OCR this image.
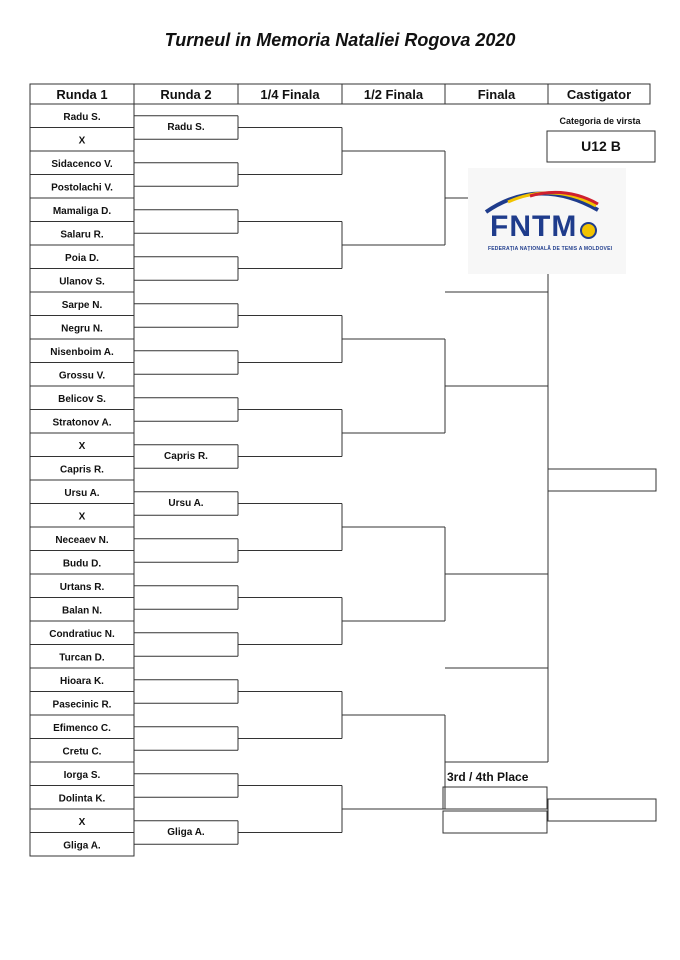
Turneul in Memoria Nataliei Rogova 2020
Runda 1	Runda 2	1/4 Finala	1/2 Finala	Finala	Castigator
Radu S.
X
Sidacenco V.
Postolachi V.
Mamaliga D.
Salaru R.
Poia D.
Ulanov S.
Sarpe N.
Negru N.
Nisenboim A.
Grossu V.
Belicov S.
Stratonov A.
X
Capris R.
Ursu A.
X
Neceaev N.
Budu D.
Urtans R.
Balan N.
Condratiuc N.
Turcan D.
Hioara K.
Pasecinic R.
Efimenco C.
Cretu C.
Iorga S.
Dolinta K.
X
Gliga A.
Radu S.
Capris R.
Ursu A.
Gliga A.
Categoria de virsta
U12 B
3rd / 4th Place
FNTM
FEDERAȚIA NAȚIONALĂ DE TENIS A MOLDOVEI
